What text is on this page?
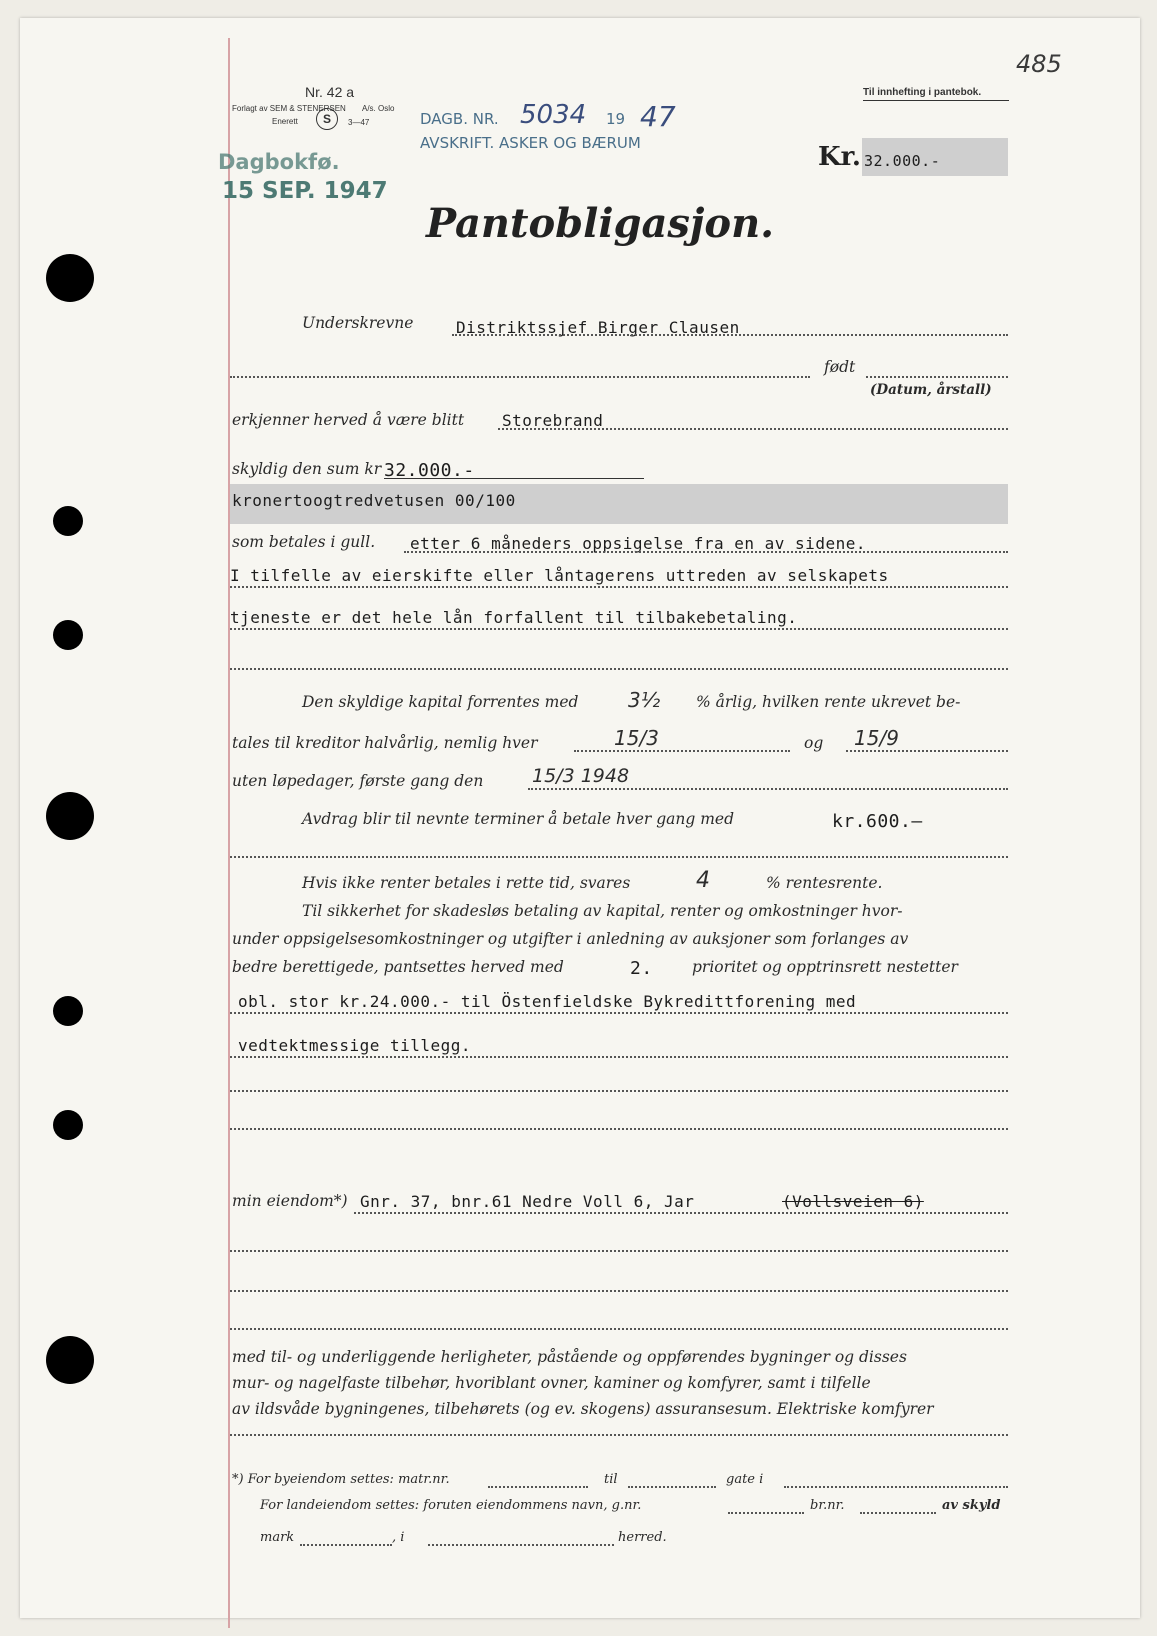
Nr. 42 a
Forlagt av SEM & STENERSEN
Enerett	S
A/s. Oslo
3—47
Til innhefting i pantebok.
485
DAGB. NR. 5034 19 47
AVSKRIFT. ASKER OG BÆRUM
Dagbokfø.
15 SEP. 1947
Kr. 32.000.-
Pantobligasjon.
Underskrevne	Distriktssjef Birger Clausen
født
(Datum, årstall)
erkjenner herved å være blitt Storebrand
skyldig den sum kr 32.000.-
kronertoogtredvetusen 00/100
som betales i gull. etter 6 måneders oppsigelse fra en av sidene.
I tilfelle av eierskifte eller låntagerens uttreden av selskapets
tjeneste er det hele lån forfallent til tilbakebetaling.
Den skyldige kapital forrentes med 3½ % årlig, hvilken rente ukrevet be-
tales til kreditor halvårlig, nemlig hver	15/3	og 15/9
uten løpedager, første gang den	15/3 1948
Avdrag blir til nevnte terminer å betale hver gang med	kr.600.—
Hvis ikke renter betales i rette tid, svares	4	% rentesrente.
Til sikkerhet for skadesløs betaling av kapital, renter og omkostninger hvor-
under oppsigelsesomkostninger og utgifter i anledning av auksjoner som forlanges av
bedre berettigede, pantsettes herved med	2.	prioritet og opptrinsrett nestetter
obl. stor kr.24.000.- til Östenfieldske Bykredittforening med
vedtektmessige tillegg.
min eiendom*) Gnr. 37, bnr.61 Nedre Voll 6, Jar	(Vollsveien 6)
med til- og underliggende herligheter, påstående og oppførendes bygninger og disses
mur- og nagelfaste tilbehør, hvoriblant ovner, kaminer og komfyrer, samt i tilfelle
av ildsvåde bygningenes, tilbehørets (og ev. skogens) assuransesum. Elektriske komfyrer
*) For byeiendom settes: matr.nr.	til	gate i
For landeiendom settes: foruten eiendommens navn, g.nr.	br.nr.	av skyld
mark	, i	herred.
